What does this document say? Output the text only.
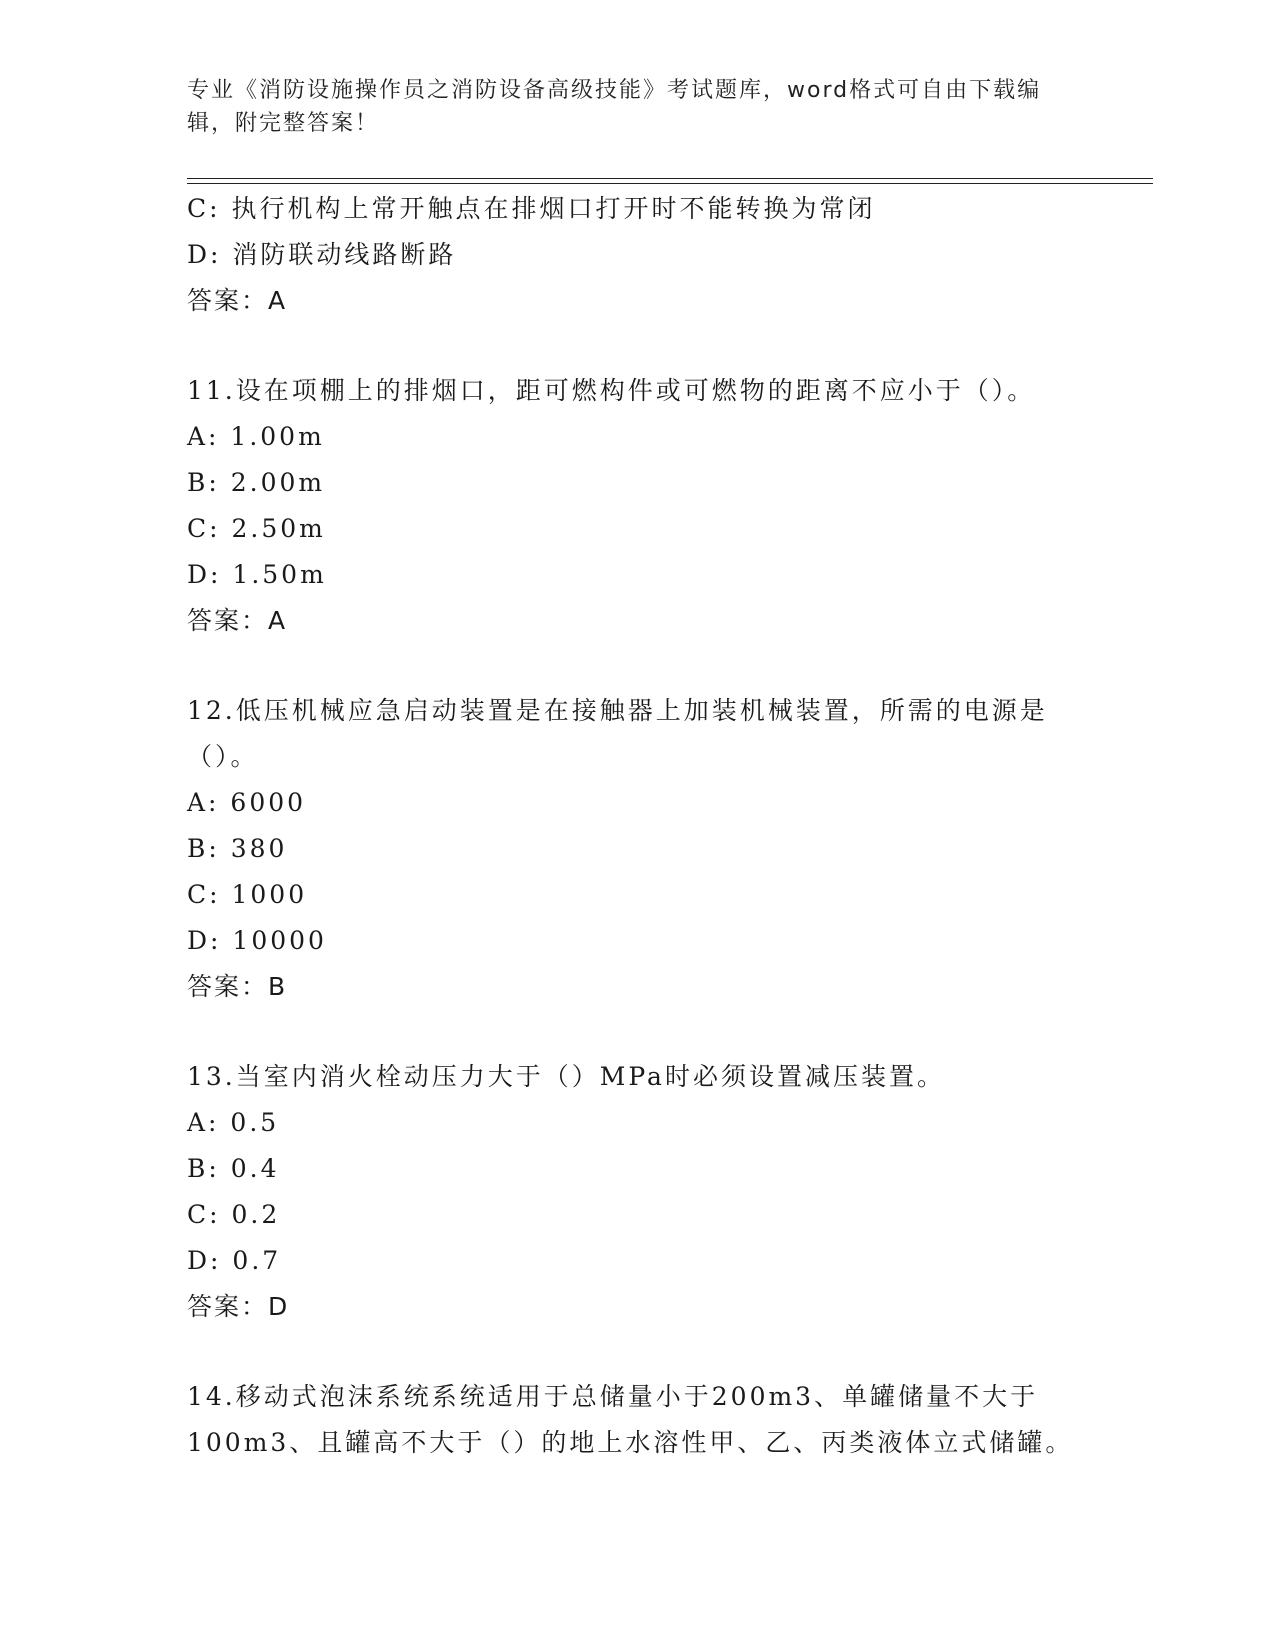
专业《消防设施操作员之消防设备高级技能》考试题库，word格式可自由下载编辑，附完整答案！
C: 执行机构上常开触点在排烟口打开时不能转换为常闭
D: 消防联动线路断路
答案：A
11.设在项棚上的排烟口，距可燃构件或可燃物的距离不应小于（）。
A: 1.00m
B: 2.00m
C: 2.50m
D: 1.50m
答案：A
12.低压机械应急启动装置是在接触器上加装机械装置，所需的电源是
（）。
A: 6000
B: 380
C: 1000
D: 10000
答案：B
13.当室内消火栓动压力大于（）MPa时必须设置减压装置。
A: 0.5
B: 0.4
C: 0.2
D: 0.7
答案：D
14.移动式泡沫系统系统适用于总储量小于200m3、单罐储量不大于
100m3、且罐高不大于（）的地上水溶性甲、乙、丙类液体立式储罐。
